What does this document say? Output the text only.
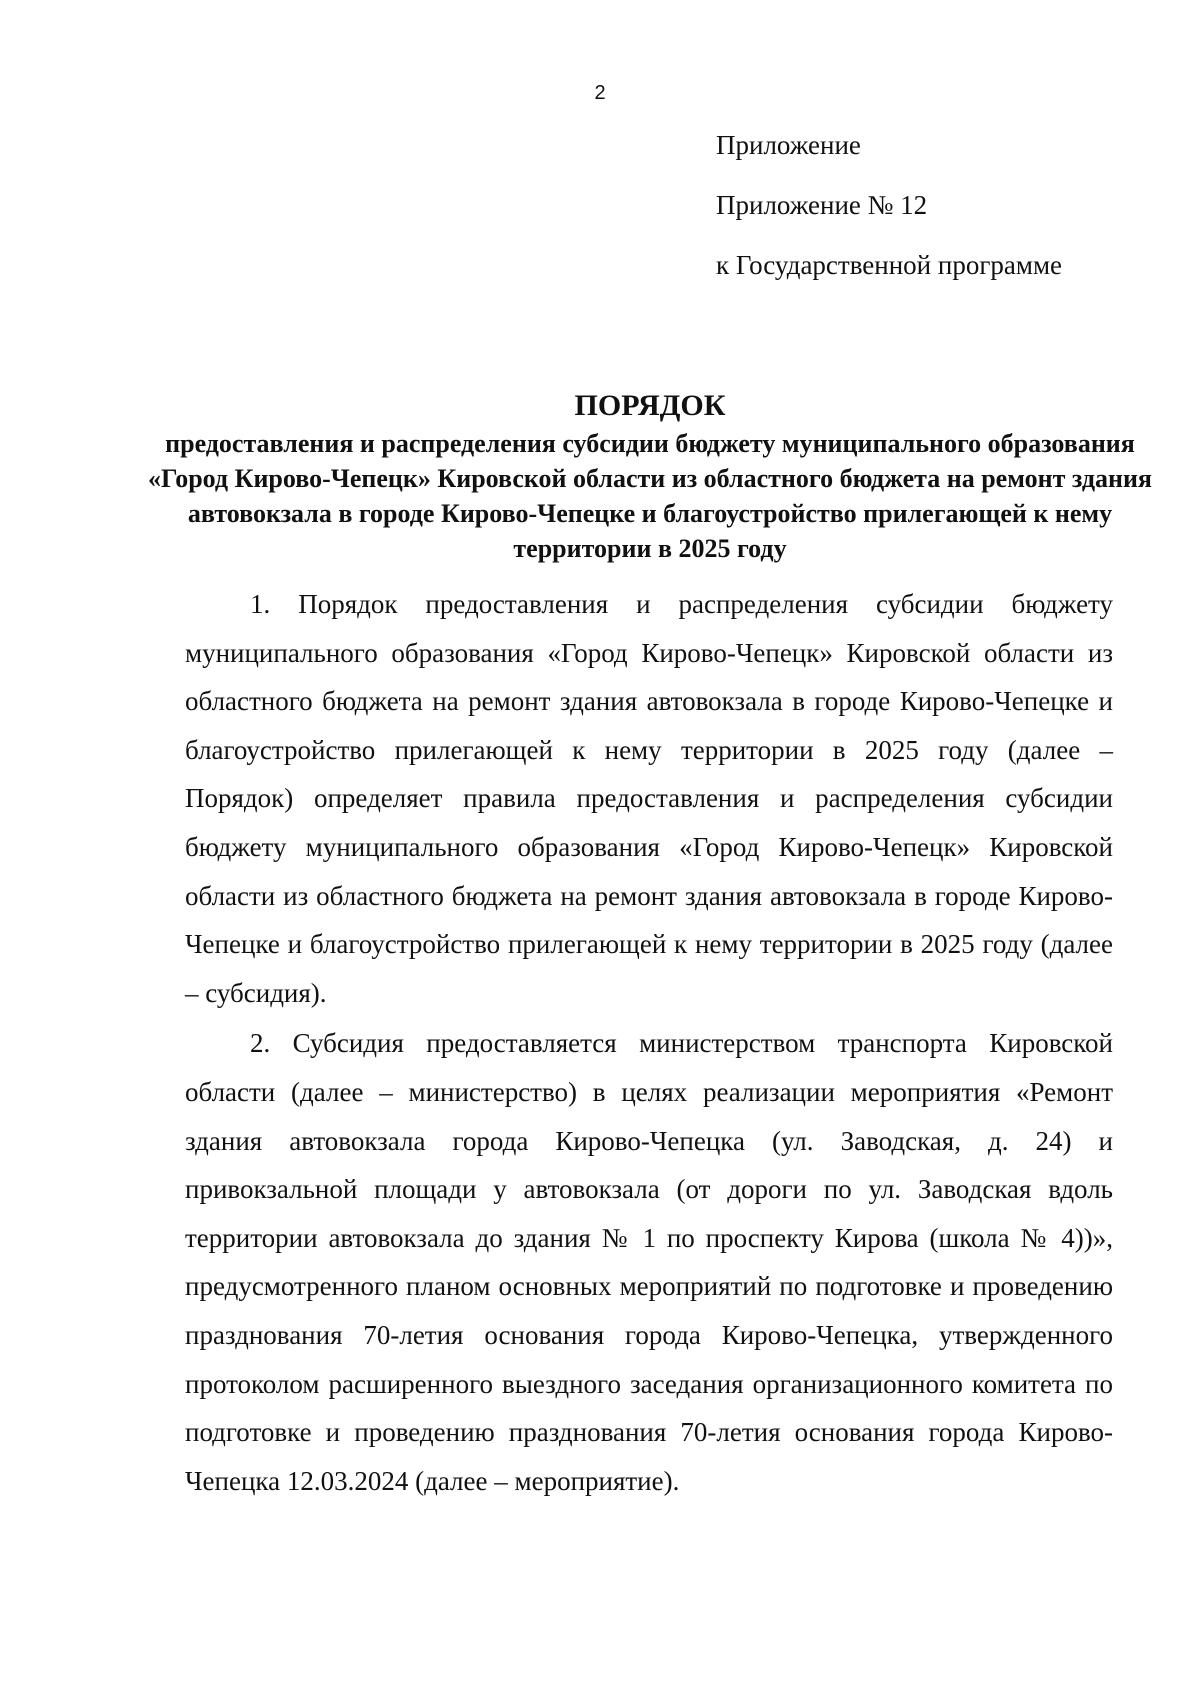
2
Приложение
Приложение № 12
к Государственной программе
ПОРЯДОК
предоставления и распределения субсидии бюджету муниципального образования «Город Кирово-Чепецк» Кировской области из областного бюджета на ремонт здания автовокзала в городе Кирово-Чепецке и благоустройство прилегающей к нему территории в 2025 году

1. Порядок предоставления и распределения субсидии бюджету муниципального образования «Город Кирово-Чепецк» Кировской области из областного бюджета на ремонт здания автовокзала в городе Кирово-Чепецке и благоустройство прилегающей к нему территории в 2025 году (далее – Порядок) определяет правила предоставления и распределения субсидии бюджету муниципального образования «Город Кирово-Чепецк» Кировской области из областного бюджета на ремонт здания автовокзала в городе Кирово-Чепецке и благоустройство прилегающей к нему территории в 2025 году (далее – субсидия).

2. Субсидия предоставляется министерством транспорта Кировской области (далее – министерство) в целях реализации мероприятия «Ремонт здания автовокзала города Кирово-Чепецка (ул. Заводская, д. 24) и привокзальной площади у автовокзала (от дороги по ул. Заводская вдоль территории автовокзала до здания № 1 по проспекту Кирова (школа № 4))», предусмотренного планом основных мероприятий по подготовке и проведению празднования 70-летия основания города Кирово-Чепецка, утвержденного протоколом расширенного выездного заседания организационного комитета по подготовке и проведению празднования 70-летия основания города Кирово-Чепецка 12.03.2024 (далее – мероприятие).
